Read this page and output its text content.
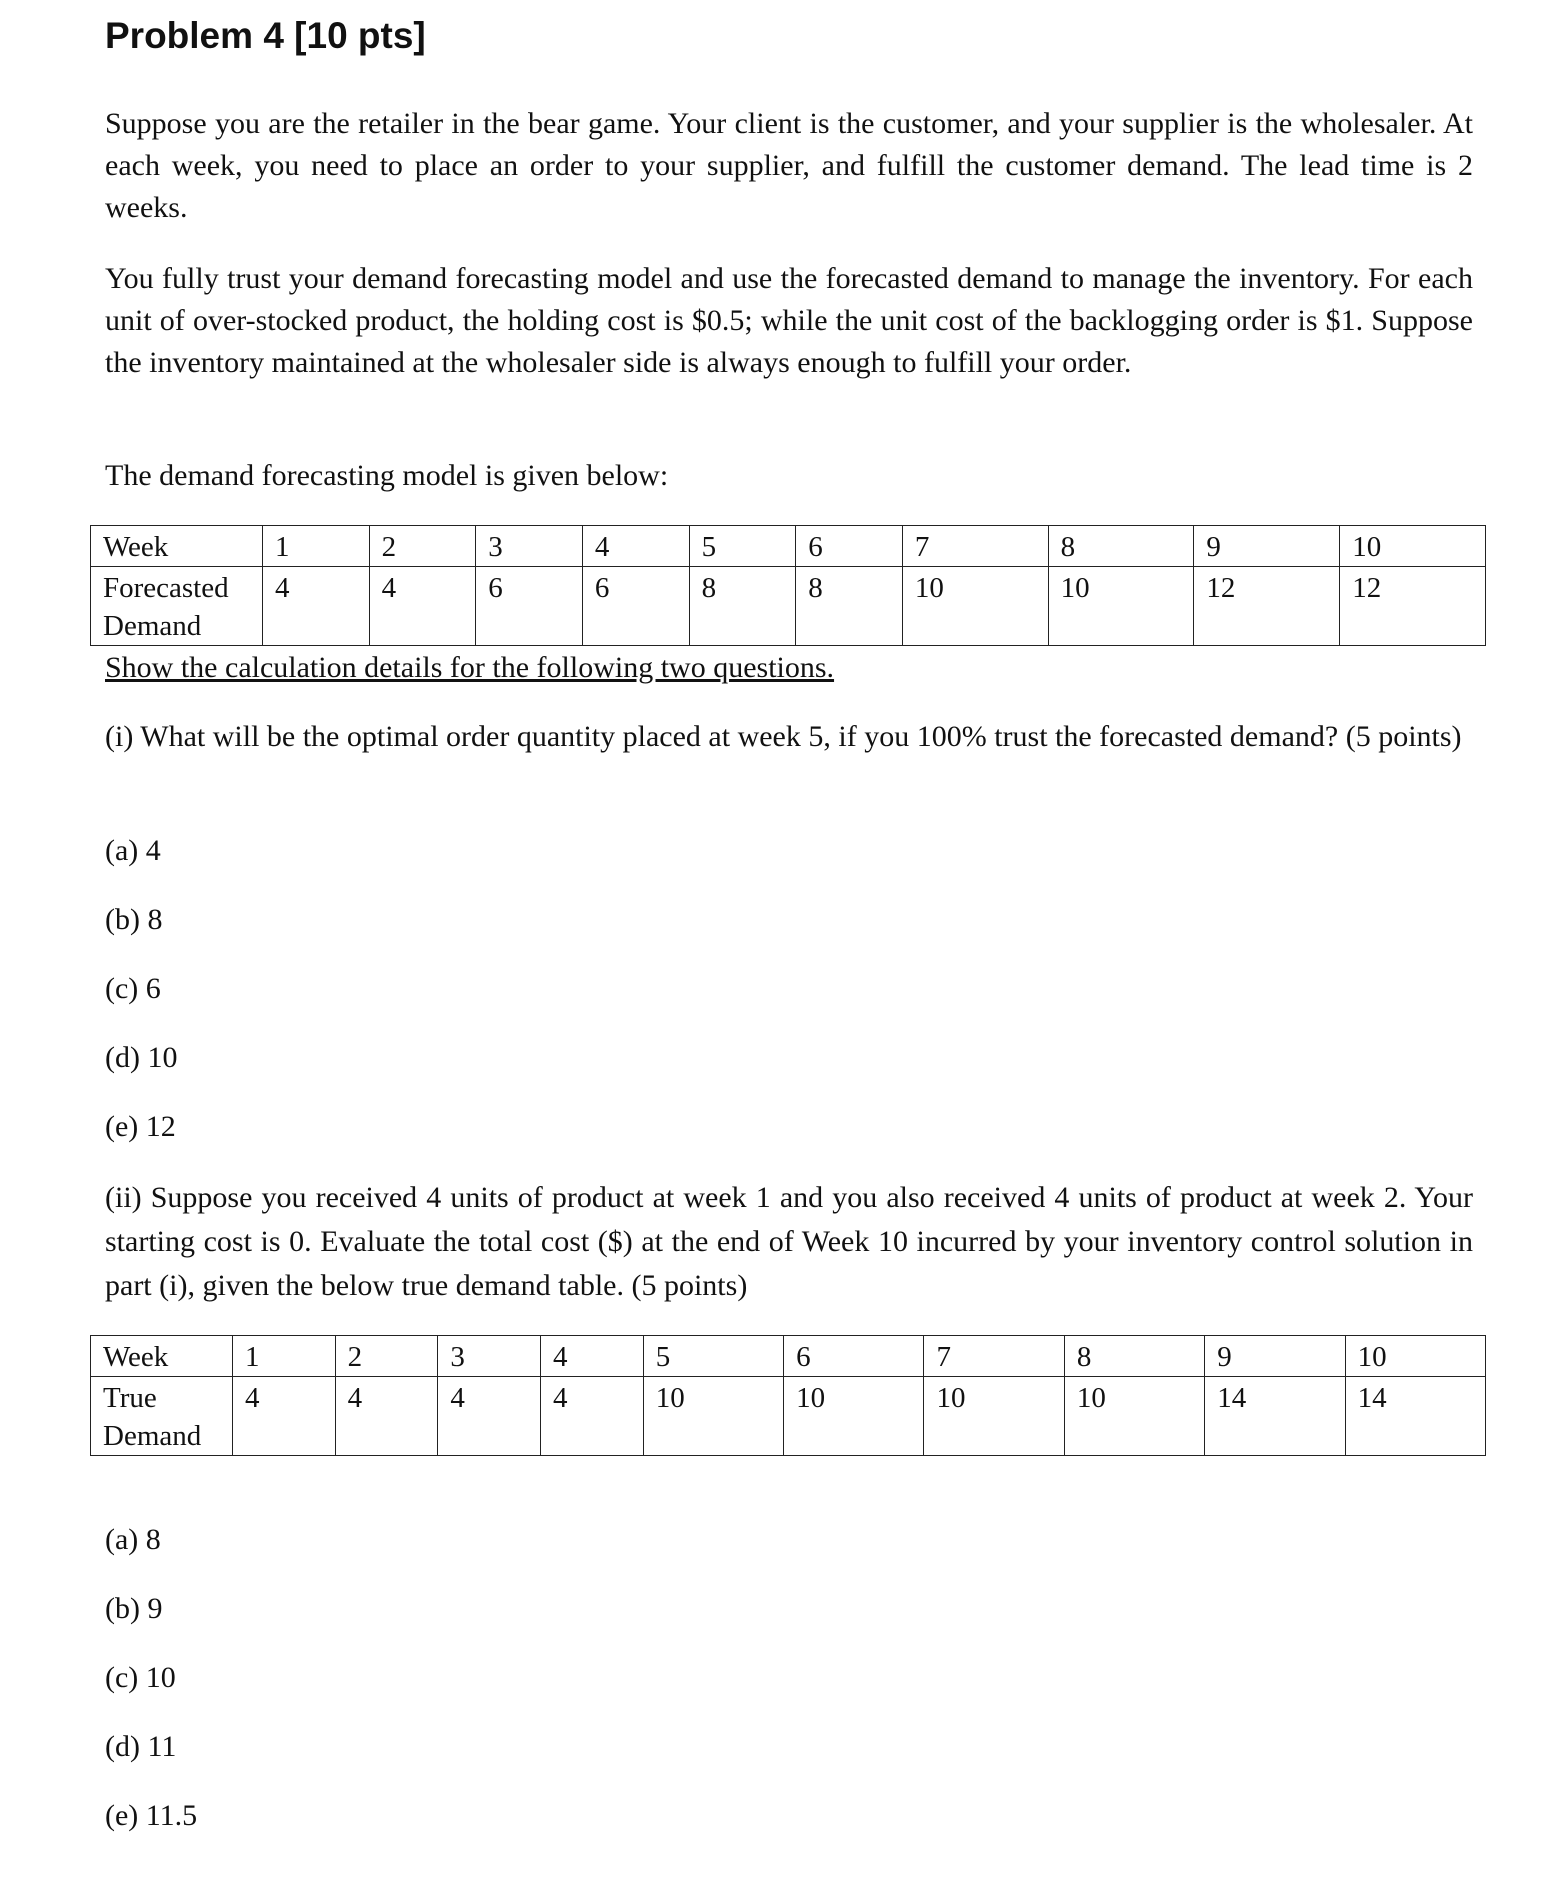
Problem 4 [10 pts]

Suppose you are the retailer in the bear game. Your client is the customer, and your supplier is the wholesaler. At each week, you need to place an order to your supplier, and fulfill the customer demand. The lead time is 2 weeks.

You fully trust your demand forecasting model and use the forecasted demand to manage the inventory. For each unit of over-stocked product, the holding cost is $0.5; while the unit cost of the backlogging order is $1. Suppose the inventory maintained at the wholesaler side is always enough to fulfill your order.

The demand forecasting model is given below:

Week	1	2	3	4	5	6	7	8	9	10
Forecasted
Demand	4	4	6	6	8	8	10	10	12	12

Show the calculation details for the following two questions.

(i) What will be the optimal order quantity placed at week 5, if you 100% trust the forecasted demand? (5 points)

(a) 4

(b) 8

(c) 6

(d) 10

(e) 12

(ii) Suppose you received 4 units of product at week 1 and you also received 4 units of product at week 2. Your starting cost is 0. Evaluate the total cost ($) at the end of Week 10 incurred by your inventory control solution in part (i), given the below true demand table. (5 points)

Week	1	2	3	4	5	6	7	8	9	10
True
Demand	4	4	4	4	10	10	10	10	14	14

(a) 8

(b) 9

(c) 10

(d) 11

(e) 11.5
